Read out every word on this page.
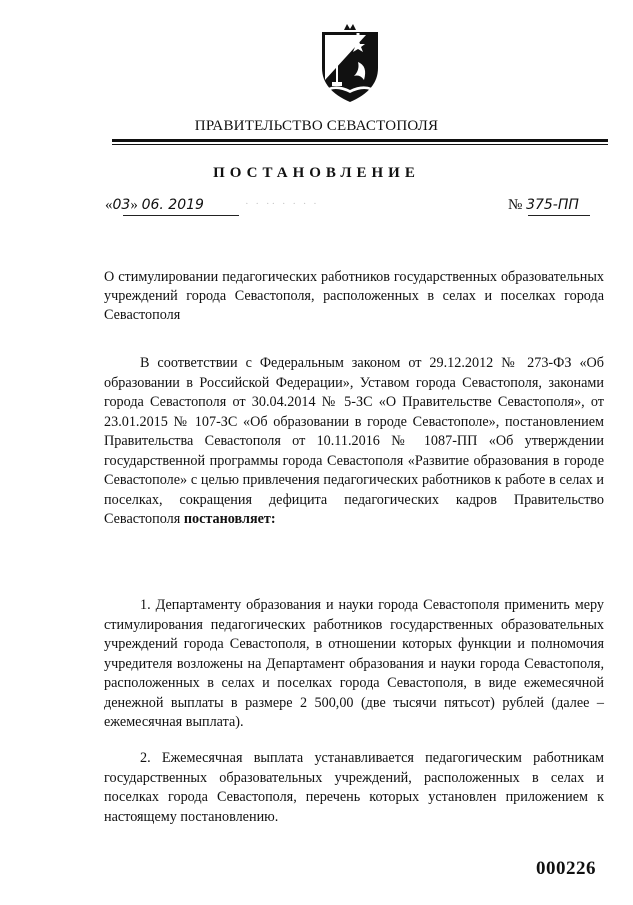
ПРАВИТЕЛЬСТВО СЕВАСТОПОЛЯ
ПОСТАНОВЛЕНИЕ
«03» 06. 2019	· · ·· · · · ·	№ 375-ПП
О стимулировании педагогических работников государственных образовательных учреждений города Севастополя, расположенных в селах и поселках города Севастополя
В соответствии с Федеральным законом от 29.12.2012 № 273-ФЗ «Об образовании в Российской Федерации», Уставом города Севастополя, законами города Севастополя от 30.04.2014 № 5-ЗС «О Правительстве Севастополя», от 23.01.2015 № 107-ЗС «Об образовании в городе Севастополе», постановлением Правительства Севастополя от 10.11.2016 № 1087-ПП «Об утверждении государственной программы города Севастополя «Развитие образования в городе Севастополе» с целью привлечения педагогических работников к работе в селах и поселках, сокращения дефицита педагогических кадров Правительство Севастополя постановляет:
1. Департаменту образования и науки города Севастополя применить меру стимулирования педагогических работников государственных образовательных учреждений города Севастополя, в отношении которых функции и полномочия учредителя возложены на Департамент образования и науки города Севастополя, расположенных в селах и поселках города Севастополя, в виде ежемесячной денежной выплаты в размере 2 500,00 (две тысячи пятьсот) рублей (далее – ежемесячная выплата).
2. Ежемесячная выплата устанавливается педагогическим работникам государственных образовательных учреждений, расположенных в селах и поселках города Севастополя, перечень которых установлен приложением к настоящему постановлению.
000226
